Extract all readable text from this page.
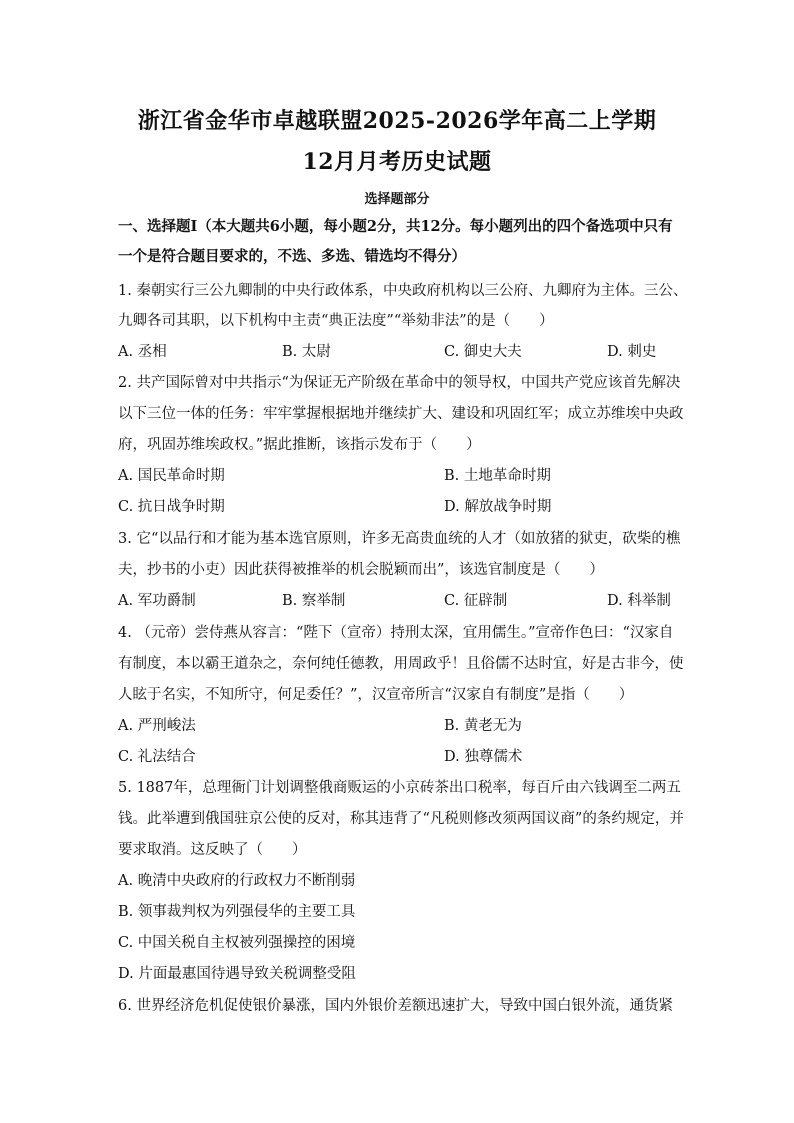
浙江省金华市卓越联盟2025-2026学年高二上学期
12月月考历史试题
选择题部分
一、选择题Ⅰ（本大题共6小题，每小题2分，共12分。每小题列出的四个备选项中只有
一个是符合题目要求的，不选、多选、错选均不得分）
1. 秦朝实行三公九卿制的中央行政体系，中央政府机构以三公府、九卿府为主体。三公、
九卿各司其职，以下机构中主责“典正法度”“举劾非法”的是（　　）
A. 丞相	B. 太尉	C. 御史大夫	D. 刺史
2. 共产国际曾对中共指示“为保证无产阶级在革命中的领导权，中国共产党应该首先解决
以下三位一体的任务：牢牢掌握根据地并继续扩大、建设和巩固红军；成立苏维埃中央政
府，巩固苏维埃政权。”据此推断，该指示发布于（　　）
A. 国民革命时期	B. 土地革命时期
C. 抗日战争时期	D. 解放战争时期
3. 它“以品行和才能为基本选官原则，许多无高贵血统的人才（如放猪的狱吏，砍柴的樵
夫，抄书的小吏）因此获得被推举的机会脱颖而出”，该选官制度是（　　）
A. 军功爵制	B. 察举制	C. 征辟制	D. 科举制
4. （元帝）尝侍燕从容言：“陛下（宣帝）持刑太深，宜用儒生。”宣帝作色曰：“汉家自
有制度，本以霸王道杂之，奈何纯任德教，用周政乎！且俗儒不达时宜，好是古非今，使
人眩于名实，不知所守，何足委任？”，汉宣帝所言“汉家自有制度”是指（　　）
A. 严刑峻法	B. 黄老无为
C. 礼法结合	D. 独尊儒术
5. 1887年，总理衙门计划调整俄商贩运的小京砖茶出口税率，每百斤由六钱调至二两五
钱。此举遭到俄国驻京公使的反对，称其违背了“凡税则修改须两国议商”的条约规定，并
要求取消。这反映了（　　）
A. 晚清中央政府的行政权力不断削弱
B. 领事裁判权为列强侵华的主要工具
C. 中国关税自主权被列强操控的困境
D. 片面最惠国待遇导致关税调整受阻
6. 世界经济危机促使银价暴涨，国内外银价差额迅速扩大，导致中国白银外流，通货紧
